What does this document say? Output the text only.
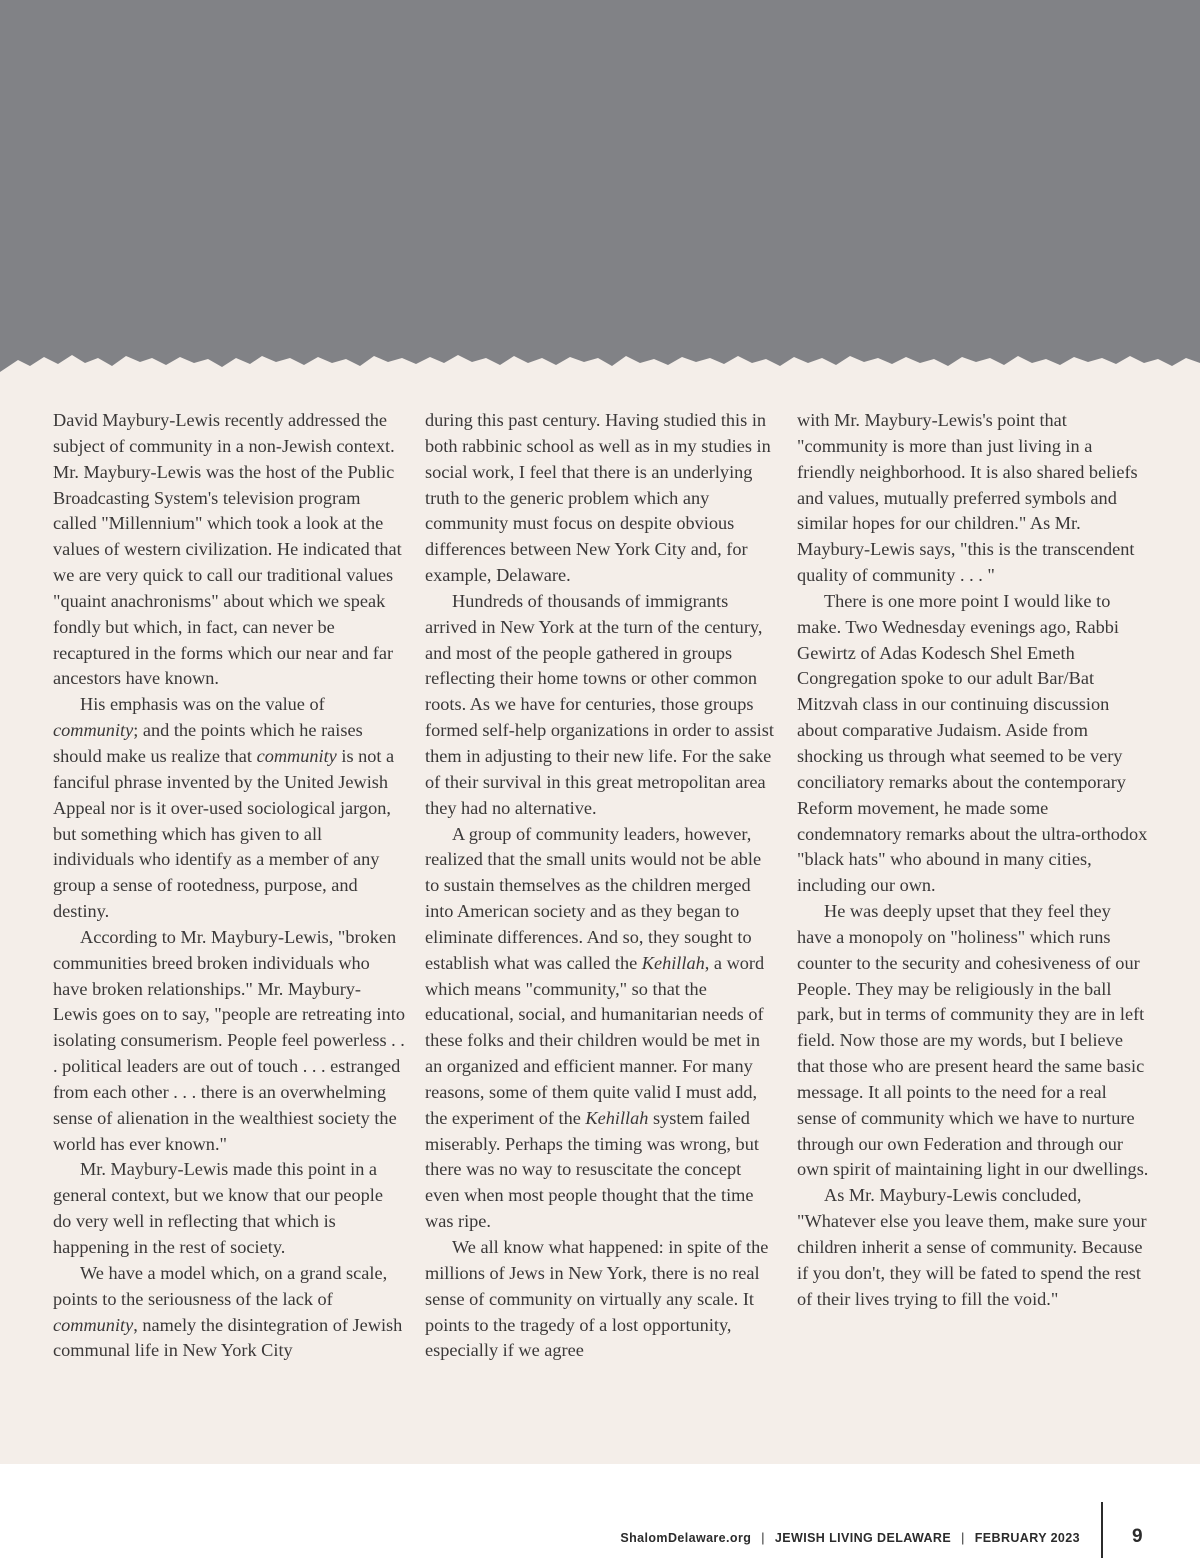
David Maybury-Lewis recently addressed the subject of community in a non-Jewish context. Mr. Maybury-Lewis was the host of the Public Broadcasting System's television program called "Millennium" which took a look at the values of western civilization. He indicated that we are very quick to call our traditional values "quaint anachronisms" about which we speak fondly but which, in fact, can never be recaptured in the forms which our near and far ancestors have known.

His emphasis was on the value of community; and the points which he raises should make us realize that community is not a fanciful phrase invented by the United Jewish Appeal nor is it over-used sociological jargon, but something which has given to all individuals who identify as a member of any group a sense of rootedness, purpose, and destiny.

According to Mr. Maybury-Lewis, "broken communities breed broken individuals who have broken relationships." Mr. Maybury-Lewis goes on to say, "people are retreating into isolating consumerism. People feel powerless . . . political leaders are out of touch . . . estranged from each other . . . there is an overwhelming sense of alienation in the wealthiest society the world has ever known."

Mr. Maybury-Lewis made this point in a general context, but we know that our people do very well in reflecting that which is happening in the rest of society.

We have a model which, on a grand scale, points to the seriousness of the lack of community, namely the disintegration of Jewish communal life in New York City

during this past century. Having studied this in both rabbinic school as well as in my studies in social work, I feel that there is an underlying truth to the generic problem which any community must focus on despite obvious differences between New York City and, for example, Delaware.

Hundreds of thousands of immigrants arrived in New York at the turn of the century, and most of the people gathered in groups reflecting their home towns or other common roots. As we have for centuries, those groups formed self-help organizations in order to assist them in adjusting to their new life. For the sake of their survival in this great metropolitan area they had no alternative.

A group of community leaders, however, realized that the small units would not be able to sustain themselves as the children merged into American society and as they began to eliminate differences. And so, they sought to establish what was called the Kehillah, a word which means "community," so that the educational, social, and humanitarian needs of these folks and their children would be met in an organized and efficient manner. For many reasons, some of them quite valid I must add, the experiment of the Kehillah system failed miserably. Perhaps the timing was wrong, but there was no way to resuscitate the concept even when most people thought that the time was ripe.

We all know what happened: in spite of the millions of Jews in New York, there is no real sense of community on virtually any scale. It points to the tragedy of a lost opportunity, especially if we agree

with Mr. Maybury-Lewis's point that "community is more than just living in a friendly neighborhood. It is also shared beliefs and values, mutually preferred symbols and similar hopes for our children." As Mr. Maybury-Lewis says, "this is the transcendent quality of community . . . "

There is one more point I would like to make. Two Wednesday evenings ago, Rabbi Gewirtz of Adas Kodesch Shel Emeth Congregation spoke to our adult Bar/Bat Mitzvah class in our continuing discussion about comparative Judaism. Aside from shocking us through what seemed to be very conciliatory remarks about the contemporary Reform movement, he made some condemnatory remarks about the ultra-orthodox "black hats" who abound in many cities, including our own.

He was deeply upset that they feel they have a monopoly on "holiness" which runs counter to the security and cohesiveness of our People. They may be religiously in the ball park, but in terms of community they are in left field. Now those are my words, but I believe that those who are present heard the same basic message. It all points to the need for a real sense of community which we have to nurture through our own Federation and through our own spirit of maintaining light in our dwellings.

As Mr. Maybury-Lewis concluded, "Whatever else you leave them, make sure your children inherit a sense of community. Because if you don't, they will be fated to spend the rest of their lives trying to fill the void."

ShalomDelaware.org | JEWISH LIVING DELAWARE | FEBRUARY 2023	9
